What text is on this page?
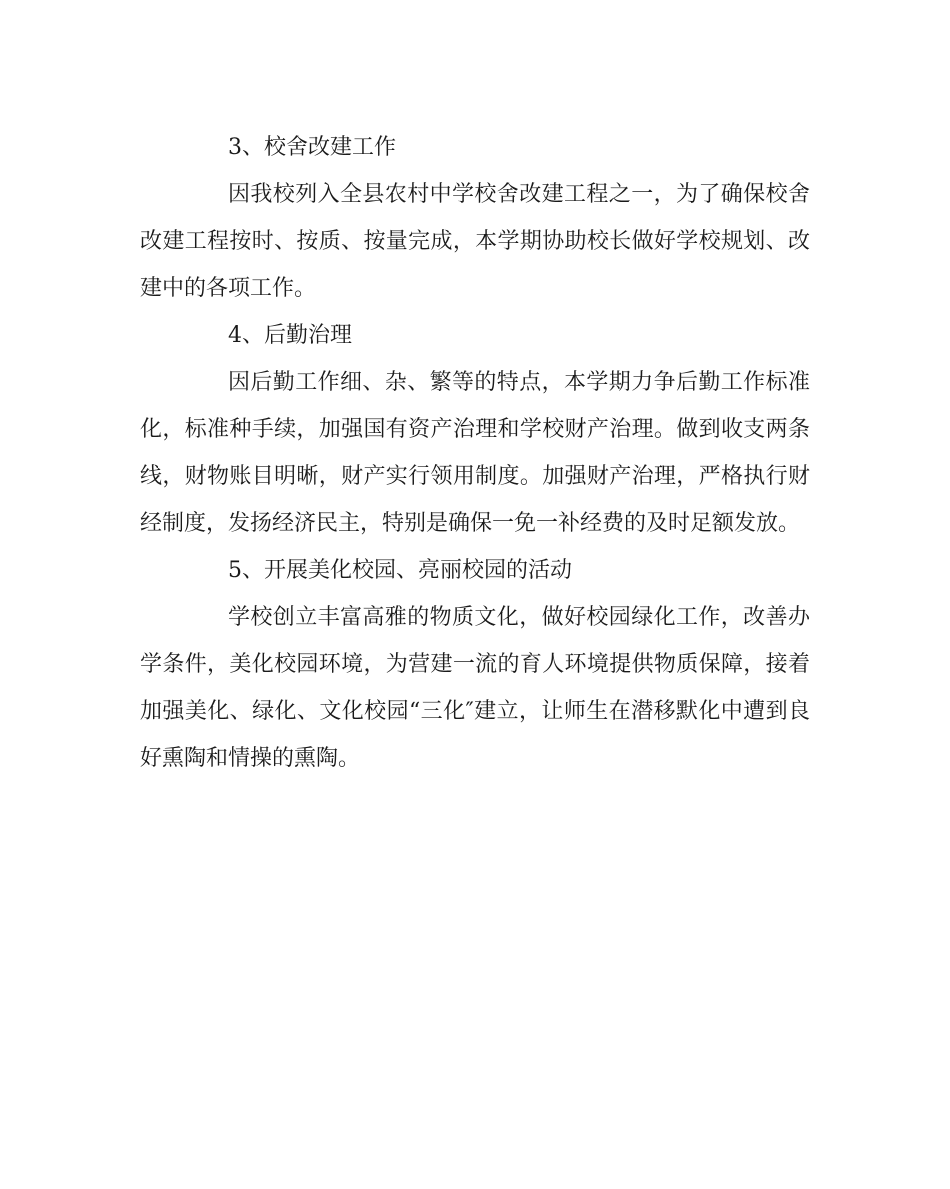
3、校舍改建工作

因我校列入全县农村中学校舍改建工程之一，为了确保校舍改建工程按时、按质、按量完成，本学期协助校长做好学校规划、改建中的各项工作。

4、后勤治理

因后勤工作细、杂、繁等的特点，本学期力争后勤工作标准化，标准种手续，加强国有资产治理和学校财产治理。做到收支两条线，财物账目明晰，财产实行领用制度。加强财产治理，严格执行财经制度，发扬经济民主，特别是确保一免一补经费的及时足额发放。

5、开展美化校园、亮丽校园的活动

学校创立丰富高雅的物质文化，做好校园绿化工作，改善办学条件，美化校园环境，为营建一流的育人环境提供物质保障，接着加强美化、绿化、文化校园“三化″建立，让师生在潜移默化中遭到良好熏陶和情操的熏陶。
